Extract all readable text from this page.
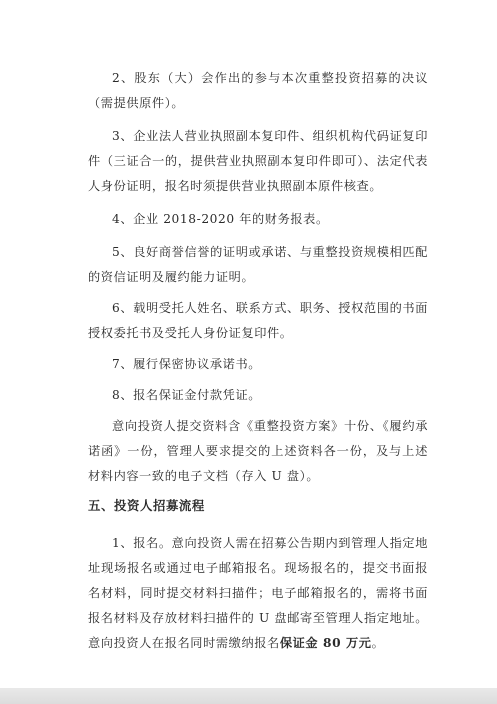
2、股东（大）会作出的参与本次重整投资招募的决议（需提供原件）。

3、企业法人营业执照副本复印件、组织机构代码证复印件（三证合一的，提供营业执照副本复印件即可）、法定代表人身份证明，报名时须提供营业执照副本原件核查。

4、企业 2018-2020 年的财务报表。

5、良好商誉信誉的证明或承诺、与重整投资规模相匹配的资信证明及履约能力证明。

6、载明受托人姓名、联系方式、职务、授权范围的书面授权委托书及受托人身份证复印件。

7、履行保密协议承诺书。

8、报名保证金付款凭证。

意向投资人提交资料含《重整投资方案》十份、《履约承诺函》一份，管理人要求提交的上述资料各一份，及与上述材料内容一致的电子文档（存入 U 盘）。

五、投资人招募流程

1、报名。意向投资人需在招募公告期内到管理人指定地址现场报名或通过电子邮箱报名。现场报名的，提交书面报名材料，同时提交材料扫描件；电子邮箱报名的，需将书面报名材料及存放材料扫描件的 U 盘邮寄至管理人指定地址。意向投资人在报名同时需缴纳报名保证金 80 万元。
